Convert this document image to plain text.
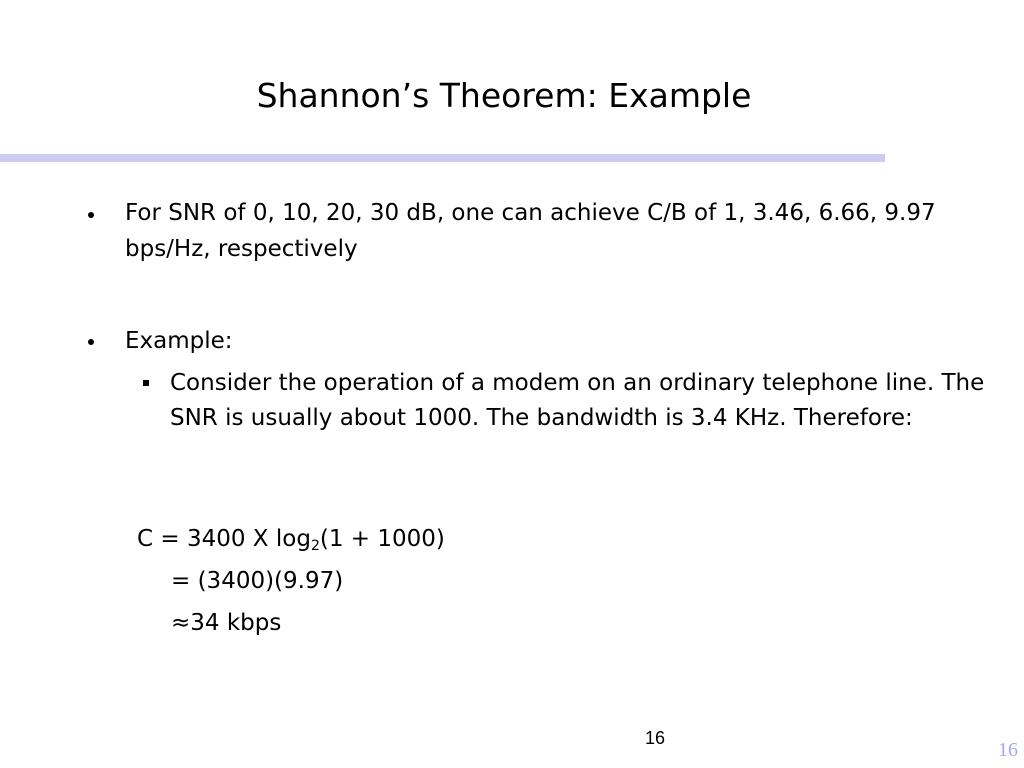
Shannon’s Theorem: Example
For SNR of 0, 10, 20, 30 dB, one can achieve C/B of 1, 3.46, 6.66, 9.97 bps/Hz, respectively
Example:
Consider the operation of a modem on an ordinary telephone line. The SNR is usually about 1000. The bandwidth is 3.4 KHz. Therefore:
C = 3400 X $\log_2(1 + 1000)$
= (3400)(9.97)
≈34 kbps
16
16
